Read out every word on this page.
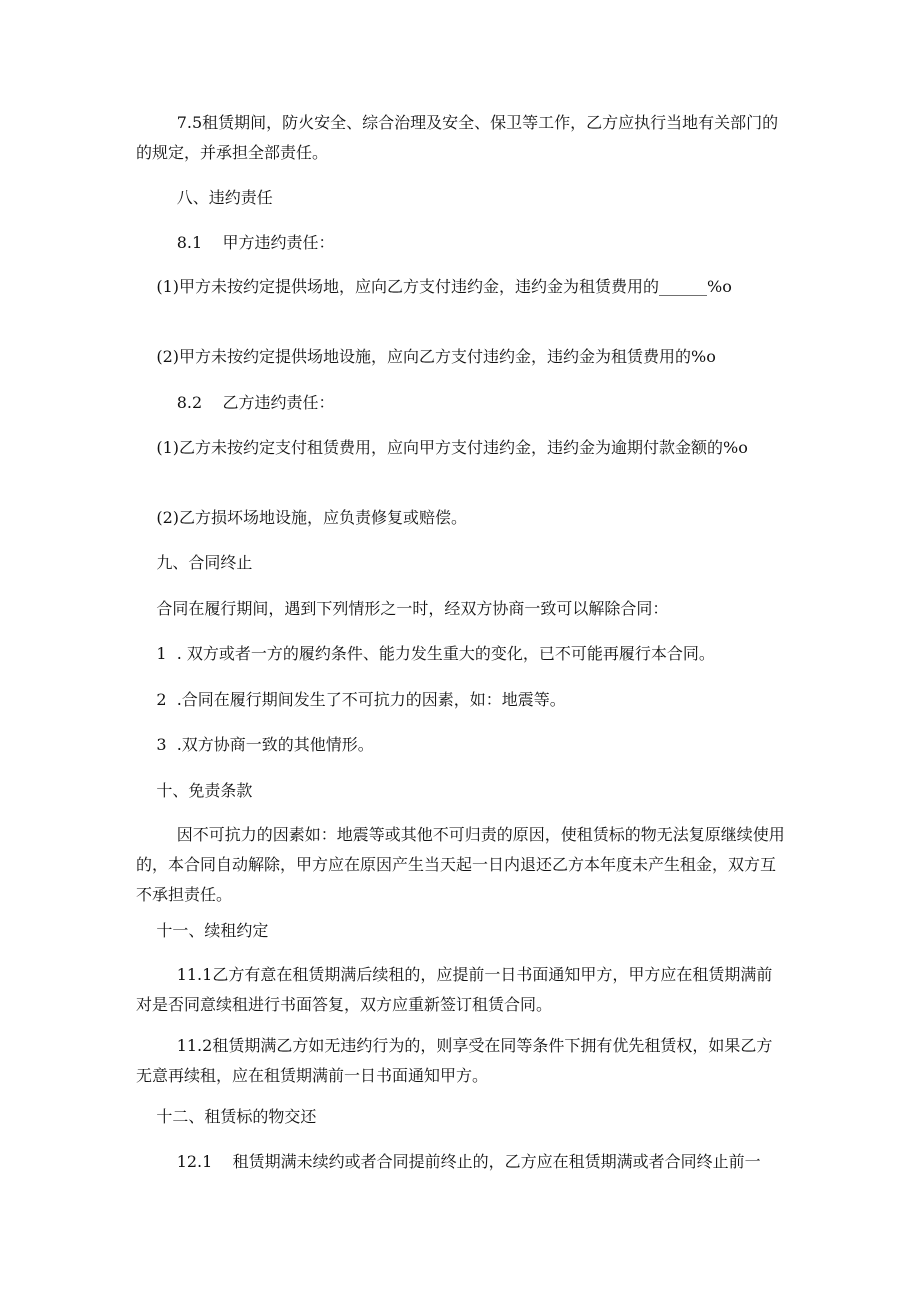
7.5租赁期间，防火安全、综合治理及安全、保卫等工作，乙方应执行当地有关部门的的规定，并承担全部责任。

八、违约责任

8.1    甲方违约责任：

(1)甲方未按约定提供场地，应向乙方支付违约金，违约金为租赁费用的______%o

(2)甲方未按约定提供场地设施，应向乙方支付违约金，违约金为租赁费用的%o

8.2    乙方违约责任：

(1)乙方未按约定支付租赁费用，应向甲方支付违约金，违约金为逾期付款金额的%o

(2)乙方损坏场地设施，应负责修复或赔偿。

九、合同终止

合同在履行期间，遇到下列情形之一时，经双方协商一致可以解除合同：

1  . 双方或者一方的履约条件、能力发生重大的变化，已不可能再履行本合同。

2  .合同在履行期间发生了不可抗力的因素，如：地震等。

3  .双方协商一致的其他情形。

十、免责条款

因不可抗力的因素如：地震等或其他不可归责的原因，使租赁标的物无法复原继续使用的，本合同自动解除，甲方应在原因产生当天起一日内退还乙方本年度未产生租金，双方互不承担责任。

十一、续租约定

11.1乙方有意在租赁期满后续租的，应提前一日书面通知甲方，甲方应在租赁期满前对是否同意续租进行书面答复，双方应重新签订租赁合同。

11.2租赁期满乙方如无违约行为的，则享受在同等条件下拥有优先租赁权，如果乙方无意再续租，应在租赁期满前一日书面通知甲方。

十二、租赁标的物交还

12.1    租赁期满未续约或者合同提前终止的，乙方应在租赁期满或者合同终止前一
